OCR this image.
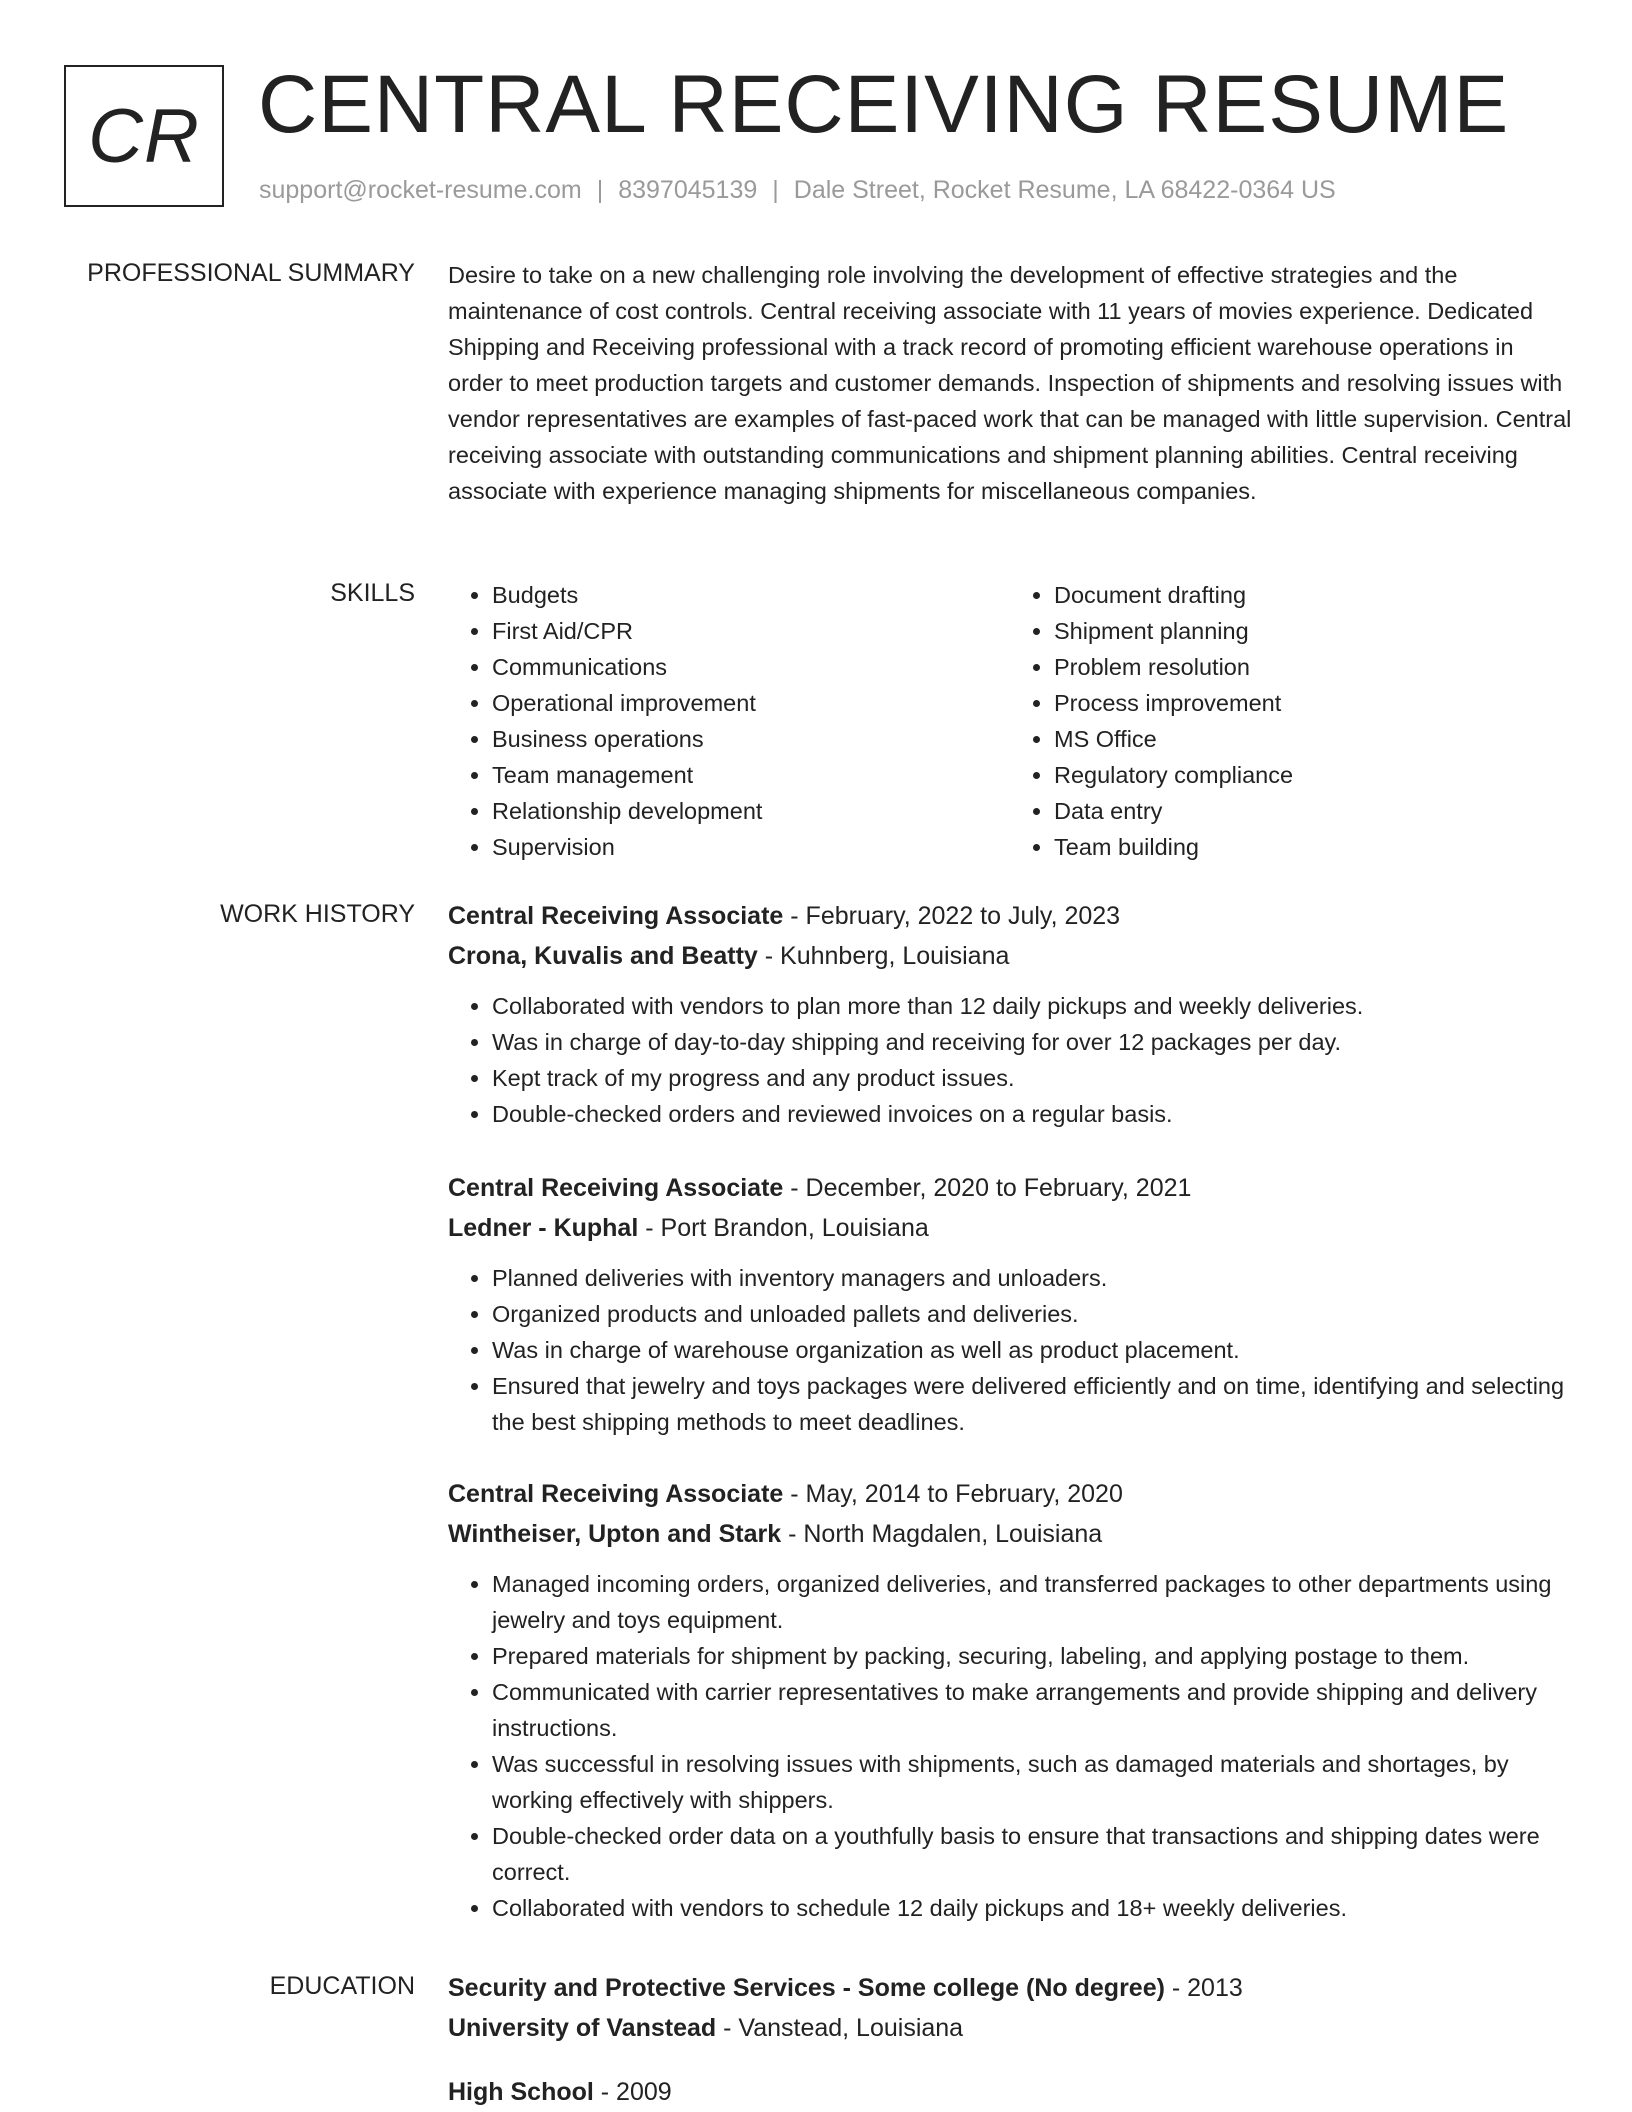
CR CENTRAL RECEIVING RESUME
support@rocket-resume.com | 8397045139 | Dale Street, Rocket Resume, LA 68422-0364 US
PROFESSIONAL SUMMARY Desire to take on a new challenging role involving the development of effective strategies and the maintenance of cost controls. Central receiving associate with 11 years of movies experience. Dedicated Shipping and Receiving professional with a track record of promoting efficient warehouse operations in order to meet production targets and customer demands. Inspection of shipments and resolving issues with vendor representatives are examples of fast-paced work that can be managed with little supervision. Central receiving associate with outstanding communications and shipment planning abilities. Central receiving associate with experience managing shipments for miscellaneous companies.

SKILLS
•	Budgets
• First Aid/CPR
• Communications
• Operational improvement
• Business operations
• Team management
• Relationship development
• Supervision
• Document drafting
• Shipment planning
• Problem resolution
• Process improvement
• MS Office
• Regulatory compliance
• Data entry
• Team building
WORK HISTORY Central Receiving Associate - February, 2022 to July, 2023
Crona, Kuvalis and Beatty - Kuhnberg, Louisiana
• Collaborated with vendors to plan more than 12 daily pickups and weekly deliveries.
• Was in charge of day-to-day shipping and receiving for over 12 packages per day.
• Kept track of my progress and any product issues.
• Double-checked orders and reviewed invoices on a regular basis.
Central Receiving Associate - December, 2020 to February, 2021
Ledner - Kuphal - Port Brandon, Louisiana
• Planned deliveries with inventory managers and unloaders.
• Organized products and unloaded pallets and deliveries.
• Was in charge of warehouse organization as well as product placement.
• Ensured that jewelry and toys packages were delivered efficiently and on time, identifying and selecting the best shipping methods to meet deadlines.
Central Receiving Associate - May, 2014 to February, 2020
Wintheiser, Upton and Stark - North Magdalen, Louisiana
• Managed incoming orders, organized deliveries, and transferred packages to other departments using jewelry and toys equipment.
• Prepared materials for shipment by packing, securing, labeling, and applying postage to them.
• Communicated with carrier representatives to make arrangements and provide shipping and delivery instructions.
• Was successful in resolving issues with shipments, such as damaged materials and shortages, by working effectively with shippers.
• Double-checked order data on a youthfully basis to ensure that transactions and shipping dates were correct.
• Collaborated with vendors to schedule 12 daily pickups and 18+ weekly deliveries.
EDUCATION Security and Protective Services - Some college (No degree) - 2013
University of Vanstead - Vanstead, Louisiana
High School - 2009
